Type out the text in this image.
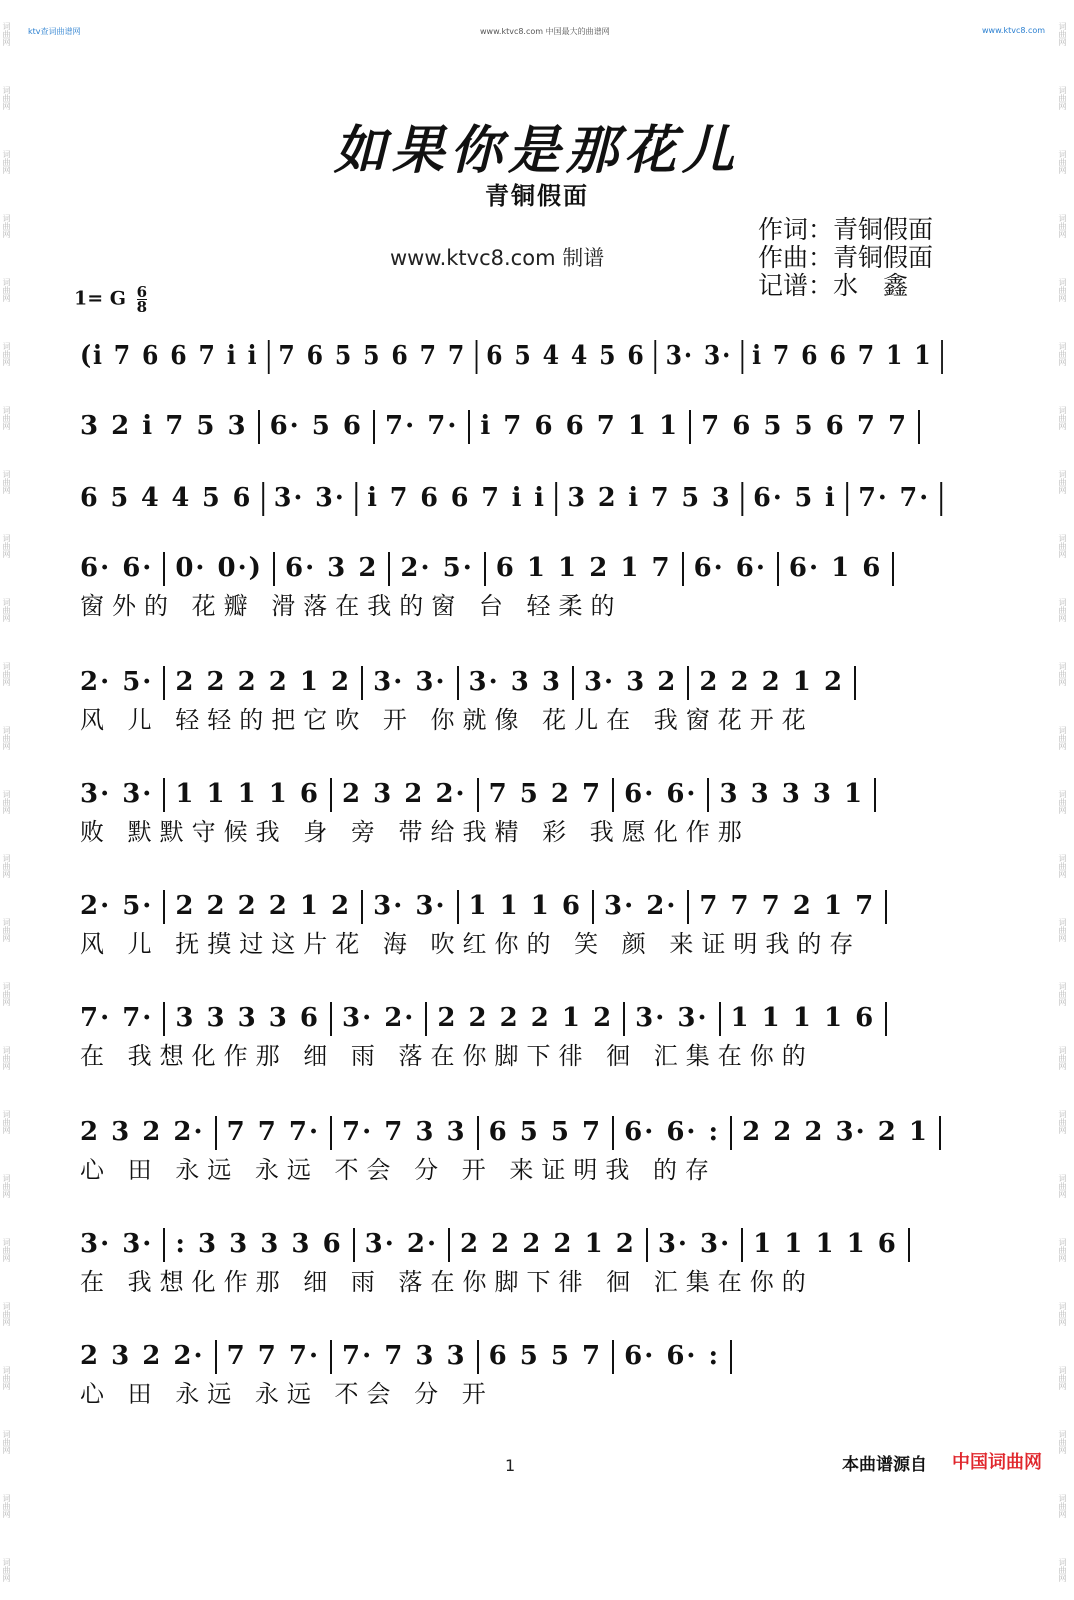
词曲网
词曲网
词曲网
词曲网
词曲网
词曲网
词曲网
词曲网
词曲网
词曲网
词曲网
词曲网
词曲网
词曲网
词曲网
词曲网
词曲网
词曲网
词曲网
词曲网
词曲网
词曲网
词曲网
词曲网
词曲网
词曲网
词曲网
词曲网
词曲网
词曲网
词曲网
词曲网
词曲网
词曲网
词曲网
词曲网
词曲网
词曲网
词曲网
词曲网
词曲网
词曲网
词曲网
词曲网
词曲网
词曲网
词曲网
词曲网
词曲网
词曲网
ktv查词曲谱网	www.ktvc8.com 中国最大的曲谱网	www.ktvc8.com
如果你是那花儿
青铜假面
www.ktvc8.com 制谱
作词：青铜假面
作曲：青铜假面
记谱：水　鑫
1= G $\frac{6}{8}$
(i 7 6 6 7 i i 7 6 5 5 6 7 7 6 5 4 4 5 6 3· 3· i 7 6 6 7 1 1
3 2 i 7 5 3 6· 5 6 7· 7· i 7 6 6 7 1 1 7 6 5 5 6 7 7
6 5 4 4 5 6 3· 3· i 7 6 6 7 i i 3 2 i 7 5 3 6· 5 i 7· 7·
6· 6· 0· 0·) 6· 3 2 2· 5· 6 1 1 2 1 7 6· 6· 6· 1 6
窗外的 花瓣 滑落在我的窗 台 轻柔的
2· 5· 2 2 2 2 1 2 3· 3· 3· 3 3 3· 3 2 2 2 2 1 2
风 儿 轻轻的把它吹 开 你就像 花儿在 我窗花开花
3· 3· 1 1 1 1 6 2 3 2 2· 7 5 2 7 6· 6· 3 3 3 3 1
败 默默守候我 身 旁 带给我精 彩 我愿化作那
2· 5· 2 2 2 2 1 2 3· 3· 1 1 1 6 3· 2· 7 7 7 2 1 7
风 儿 抚摸过这片花 海 吹红你的 笑 颜 来证明我的存
7· 7· 3 3 3 3 6 3· 2· 2 2 2 2 1 2 3· 3· 1 1 1 1 6
在 我想化作那 细 雨 落在你脚下徘 徊 汇集在你的
2 3 2 2· 7 7 7· 7· 7 3 3 6 5 5 7 6· 6· : 2 2 2 3· 2 1
心 田 永远 永远 不会 分 开 来证明我 的存
3· 3· : 3 3 3 3 6 3· 2· 2 2 2 2 1 2 3· 3· 1 1 1 1 6
在 我想化作那 细 雨 落在你脚下徘 徊 汇集在你的
2 3 2 2· 7 7 7· 7· 7 3 3 6 5 5 7 6· 6· :
心 田 永远 永远 不会 分 开
1	本曲谱源自 中国词曲网
